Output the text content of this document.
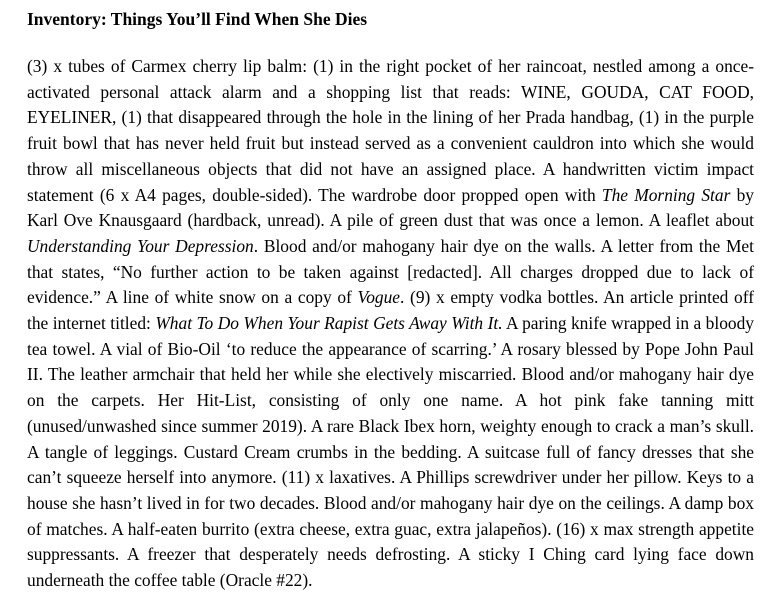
Inventory: Things You’ll Find When She Dies

(3) x tubes of Carmex cherry lip balm: (1) in the right pocket of her raincoat, nestled among a once-activated personal attack alarm and a shopping list that reads: WINE, GOUDA, CAT FOOD, EYELINER, (1) that disappeared through the hole in the lining of her Prada handbag, (1) in the purple fruit bowl that has never held fruit but instead served as a convenient cauldron into which she would throw all miscellaneous objects that did not have an assigned place. A handwritten victim impact statement (6 x A4 pages, double-sided). The wardrobe door propped open with The Morning Star by Karl Ove Knausgaard (hardback, unread). A pile of green dust that was once a lemon. A leaflet about Understanding Your Depression. Blood and/or mahogany hair dye on the walls. A letter from the Met that states, “No further action to be taken against [redacted]. All charges dropped due to lack of evidence.” A line of white snow on a copy of Vogue. (9) x empty vodka bottles. An article printed off the internet titled: What To Do When Your Rapist Gets Away With It. A paring knife wrapped in a bloody tea towel. A vial of Bio-Oil ‘to reduce the appearance of scarring.’ A rosary blessed by Pope John Paul II. The leather armchair that held her while she electively miscarried. Blood and/or mahogany hair dye on the carpets. Her Hit-List, consisting of only one name. A hot pink fake tanning mitt (unused/unwashed since summer 2019). A rare Black Ibex horn, weighty enough to crack a man’s skull. A tangle of leggings. Custard Cream crumbs in the bedding. A suitcase full of fancy dresses that she can’t squeeze herself into anymore. (11) x laxatives. A Phillips screwdriver under her pillow. Keys to a house she hasn’t lived in for two decades. Blood and/or mahogany hair dye on the ceilings. A damp box of matches. A half-eaten burrito (extra cheese, extra guac, extra jalapeños). (16) x max strength appetite suppressants. A freezer that desperately needs defrosting. A sticky I Ching card lying face down underneath the coffee table (Oracle #22).
